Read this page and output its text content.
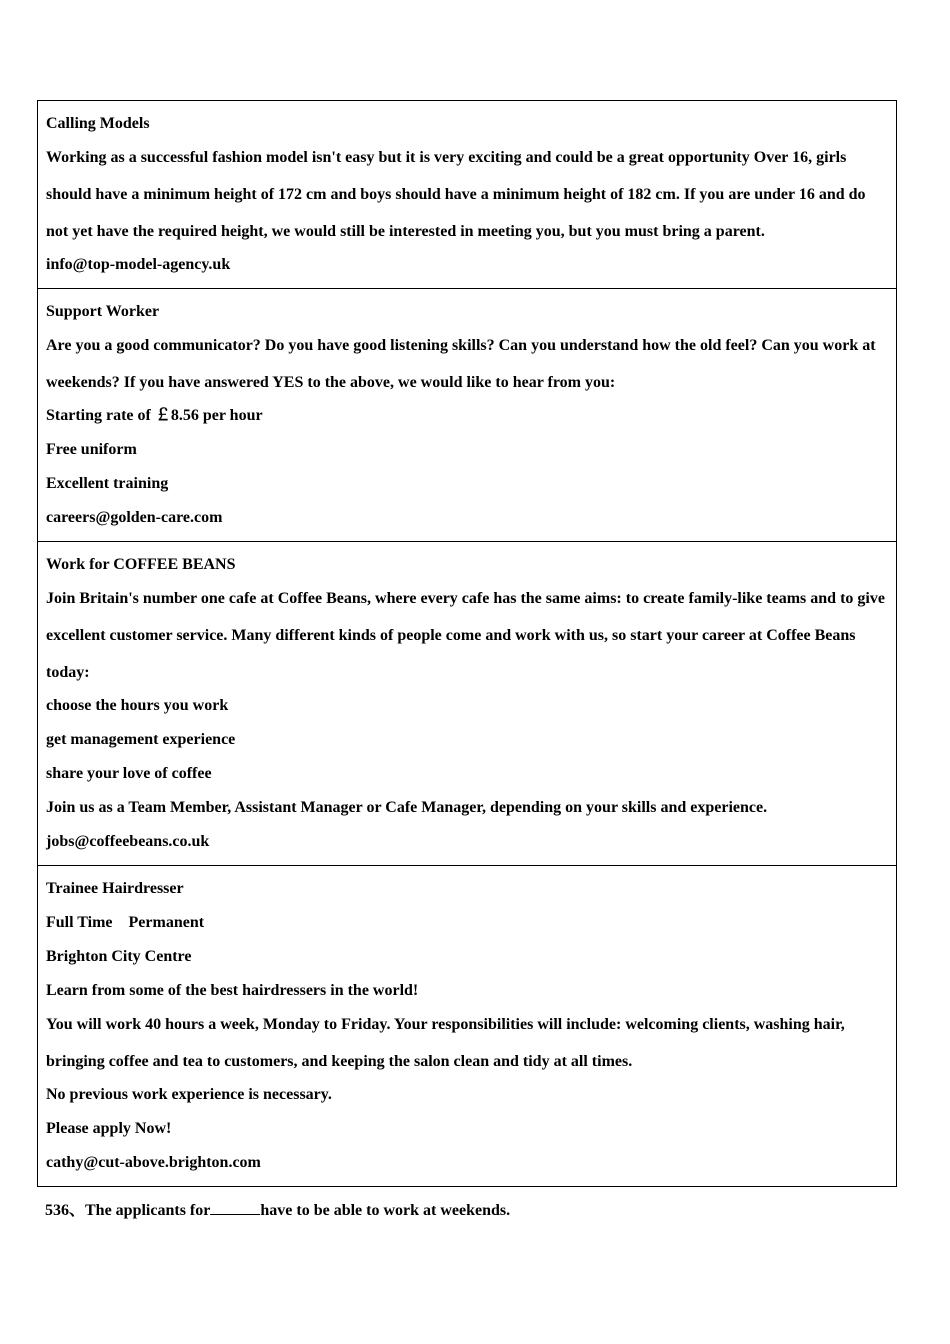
Calling Models
Working as a successful fashion model isn't easy but it is very exciting and could be a great opportunity Over 16, girls should have a minimum height of 172 cm and boys should have a minimum height of 182 cm. If you are under 16 and do not yet have the required height, we would still be interested in meeting you, but you must bring a parent.
info@top-model-agency.uk

Support Worker
Are you a good communicator? Do you have good listening skills? Can you understand how the old feel? Can you work at weekends? If you have answered YES to the above, we would like to hear from you:
Starting rate of ￡8.56 per hour
Free uniform
Excellent training
careers@golden-care.com

Work for COFFEE BEANS
Join Britain's number one cafe at Coffee Beans, where every cafe has the same aims: to create family-like teams and to give excellent customer service. Many different kinds of people come and work with us, so start your career at Coffee Beans today:
choose the hours you work
get management experience
share your love of coffee
Join us as a Team Member, Assistant Manager or Cafe Manager, depending on your skills and experience.
jobs@coffeebeans.co.uk

Trainee Hairdresser
Full Time Permanent
Brighton City Centre
Learn from some of the best hairdressers in the world!
You will work 40 hours a week, Monday to Friday. Your responsibilities will include: welcoming clients, washing hair, bringing coffee and tea to customers, and keeping the salon clean and tidy at all times.
No previous work experience is necessary.
Please apply Now!
cathy@cut-above.brighton.com
536、The applicants for	have to be able to work at weekends.
